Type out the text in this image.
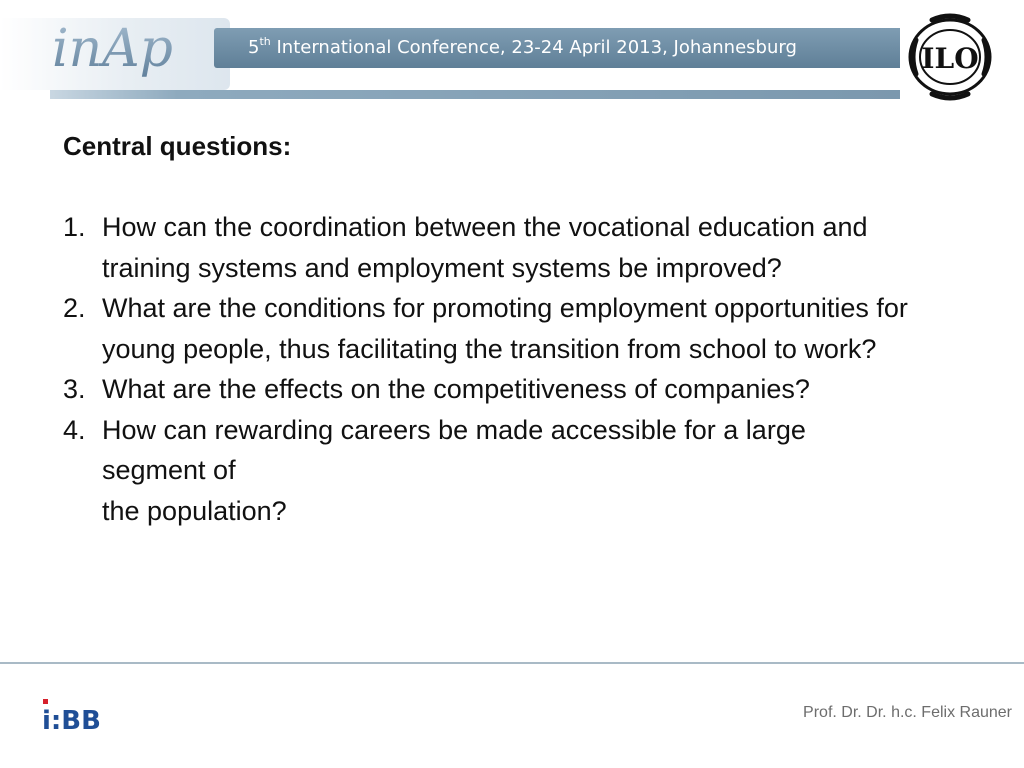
inAp	5th International Conference, 23-24 April 2013, Johannesburg	ILO
Central questions:
1. How can the coordination between the vocational education and training systems and employment systems be improved?
2. What are the conditions for promoting employment opportunities for young people, thus facilitating the transition from school to work?
3. What are the effects on the competitiveness of companies?
4. How can rewarding careers be made accessible for a large segment of
the population?
i:BB	Prof. Dr. Dr. h.c. Felix Rauner
